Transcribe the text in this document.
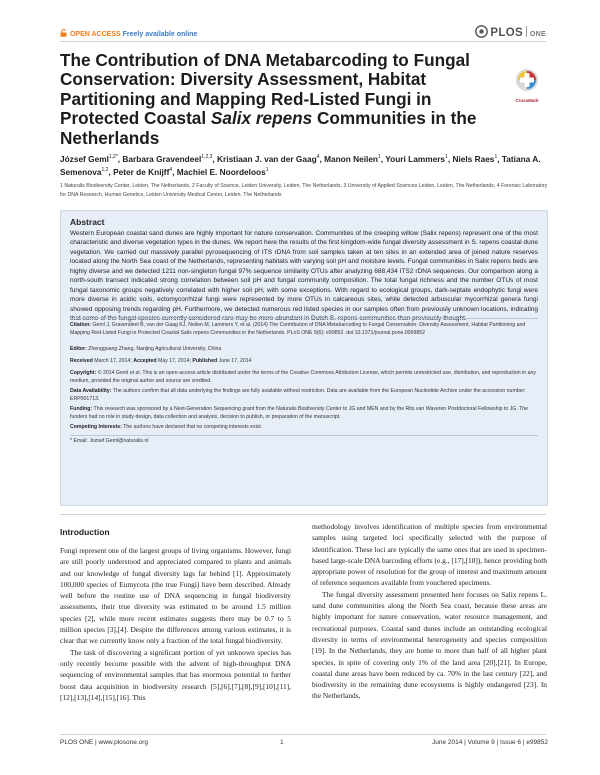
OPEN ACCESS Freely available online	PLOS ONE
The Contribution of DNA Metabarcoding to Fungal Conservation: Diversity Assessment, Habitat Partitioning and Mapping Red-Listed Fungi in Protected Coastal Salix repens Communities in the Netherlands
CrossMark
József Geml$^{1,2*}$, Barbara Gravendeel$^{1,2,3}$, Kristiaan J. van der Gaag$^4$, Manon Neilen$^1$, Youri Lammers$^1$, Niels Raes$^1$, Tatiana A. Semenova$^{1,2}$, Peter de Knijff$^4$, Machiel E. Noordeloos$^1$
1 Naturalis Biodiversity Center, Leiden, The Netherlands, 2 Faculty of Science, Leiden University, Leiden, The Netherlands, 3 University of Applied Sciences Leiden, Leiden, The Netherlands, 4 Forensic Laboratory for DNA Research, Human Genetics, Leiden University Medical Center, Leiden, The Netherlands
Abstract
Western European coastal sand dunes are highly important for nature conservation. Communities of the creeping willow (Salix repens) represent one of the most characteristic and diverse vegetation types in the dunes. We report here the results of the first kingdom-wide fungal diversity assessment in S. repens coastal dune vegetation. We carried out massively parallel pyrosequencing of ITS rDNA from soil samples taken at ten sites in an extended area of joined nature reserves located along the North Sea coast of the Netherlands, representing habitats with varying soil pH and moisture levels. Fungal communities in Salix repens beds are highly diverse and we detected 1211 non-singleton fungal 97% sequence similarity OTUs after analyzing 688,434 ITS2 rDNA sequences. Our comparison along a north-south transect indicated strong correlation between soil pH and fungal community composition. The total fungal richness and the number OTUs of most fungal taxonomic groups negatively correlated with higher soil pH, with some exceptions. With regard to ecological groups, dark-septate endophytic fungi were more diverse in acidic soils, ectomycorrhizal fungi were represented by more OTUs in calcareous sites, while detected arbuscular mycorrhizal genera fungi showed opposing trends regarding pH. Furthermore, we detected numerous red listed species in our samples often from previously unknown locations, indicating
Citation: Geml J, Gravendeel B, van der Gaag KJ, Neilen M, Lammers Y, et al. (2014) The Contribution of DNA Metabarcoding to Fungal Conservation: Diversity Assessment, Habitat Partitioning and Mapping Red-Listed Fungi in Protected Coastal Salix repens Communities in the Netherlands. PLoS ONE 9(6): e99852. doi:10.1371/journal.pone.0099852
Editor: Zhengguang Zhang, Nanjing Agricultural University, China
Received March 17, 2014; Accepted May 17, 2014; Published June 17, 2014
Copyright: © 2014 Geml et al. This is an open-access article distributed under the terms of the Creative Commons Attribution License, which permits unrestricted use, distribution, and reproduction in any medium, provided the original author and source are credited.
Data Availability: The authors confirm that all data underlying the findings are fully available without restriction. Data are available from the European Nucleotide Archive under the accession number: ERP001713.
Funding: This research was sponsored by a Next-Generation Sequencing grant from the Naturalis Biodiversity Center to JG and MEN and by the Rits van Waveren Postdoctoral Fellowship to JG. The funders had no role in study design, data collection and analysis, decision to publish, or preparation of the manuscript.
Competing Interests: The authors have declared that no competing interests exist.
* Email: Jozsef.Geml@naturalis.nl
Introduction

Fungi represent one of the largest groups of living organisms. However, fungi are still poorly understood and appreciated compared to plants and animals and our knowledge of fungal diversity lags far behind [1]. Approximately 100,000 species of Eumycota (the true Fungi) have been described. Already well before the routine use of DNA sequencing in fungal biodiversity assessments, their true diversity was estimated to be around 1.5 million species [2], while more recent estimates suggests there may be 0.7 to 5 million species [3],[4]. Despite the differences among various estimates, it is clear that we currently know only a fraction of the total fungal biodiversity.

The task of discovering a significant portion of yet unknown species has only recently become possible with the advent of high-throughput DNA sequencing of environmental samples that has enormous potential to further boost data acquisition in biodiversity research [5],[6],[7],[8],[9],[10],[11],[12],[13],[14],[15],[16]. This

methodology involves identification of multiple species from environmental samples using targeted loci specifically selected with the purpose of identification. These loci are typically the same ones that are used in specimen-based large-scale DNA barcoding efforts (e.g., [17],[18]), hence providing both appropriate power of resolution for the group of interest and maximum amount of reference sequences available from vouchered specimens.

The fungal diversity assessment presented here focuses on Salix repens L. sand dune communities along the North Sea coast, because these areas are highly important for nature conservation, water resource management, and recreational purposes. Coastal sand dunes include an outstanding ecological diversity in terms of environmental heterogeneity and species composition [19]. In the Netherlands, they are home to more than half of all higher plant species, in spite of covering only 1% of the land area [20],[21]. In Europe, coastal dune areas have been reduced by ca. 70% in the last century [22], and biodiversity in the remaining dune ecosystems is highly endangered [23]. In the Netherlands,

PLOS ONE | www.plosone.org	1	June 2014 | Volume 9 | Issue 6 | e99852
